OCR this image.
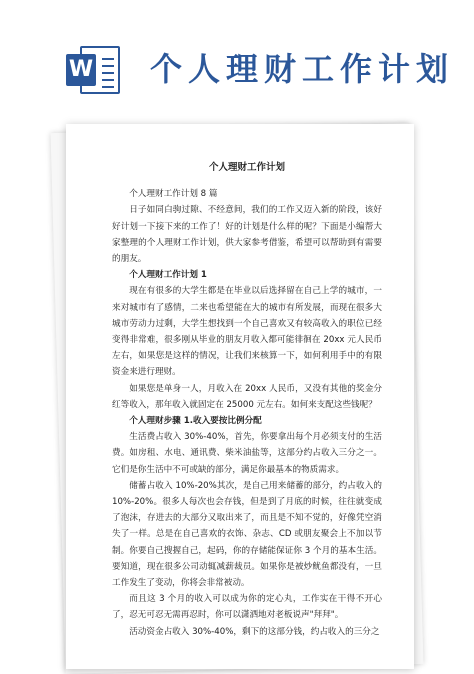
W 个人理财工作计划

个人理财工作计划

个人理财工作计划 8 篇

日子如同白驹过隙、不经意间，我们的工作又迈入新的阶段，该好好计划一下接下来的工作了！好的计划是什么样的呢？下面是小编帮大家整理的个人理财工作计划，供大家参考借鉴，希望可以帮助到有需要的朋友。

个人理财工作计划 1

现在有很多的大学生都是在毕业以后选择留在自己上学的城市，一来对城市有了感情，二来也希望能在大的城市有所发展，而现在很多大城市劳动力过剩，大学生想找到一个自己喜欢又有较高收入的职位已经变得非常难，很多刚从毕业的朋友月收入都可能徘徊在 20xx 元人民币左右，如果您是这样的情况，让我们来核算一下，如何利用手中的有限资金来进行理财。

如果您是单身一人，月收入在 20xx 人民币，又没有其他的奖金分红等收入，那年收入就固定在 25000 元左右。如何来支配这些钱呢？

个人理财步骤 1.收入要按比例分配

生活费占收入 30%-40%，首先，你要拿出每个月必须支付的生活费。如房租、水电、通讯费、柴米油盐等，这部分约占收入三分之一。它们是你生活中不可或缺的部分，满足你最基本的物质需求。

储蓄占收入 10%-20%其次，是自己用来储蓄的部分，约占收入的10%-20%。很多人每次也会存钱，但是到了月底的时候，往往就变成了泡沫，存进去的大部分又取出来了，而且是不知不觉的，好像凭空消失了一样。总是在自己喜欢的衣饰、杂志、CD 或朋友聚会上不加以节制。你要自己搜握自己，起码，你的存储能保证你 3 个月的基本生活。要知道，现在很多公司动辄减薪裁员。如果你是被炒鱿鱼都没有，一旦工作发生了变动，你将会非常被动。

而且这 3 个月的收入可以成为你的定心丸，工作实在干得不开心了，忍无可忍无需再忍时，你可以潇洒地对老板说声"拜拜"。

活动资金占收入 30%-40%，剩下的这部分钱，约占收入的三分之
